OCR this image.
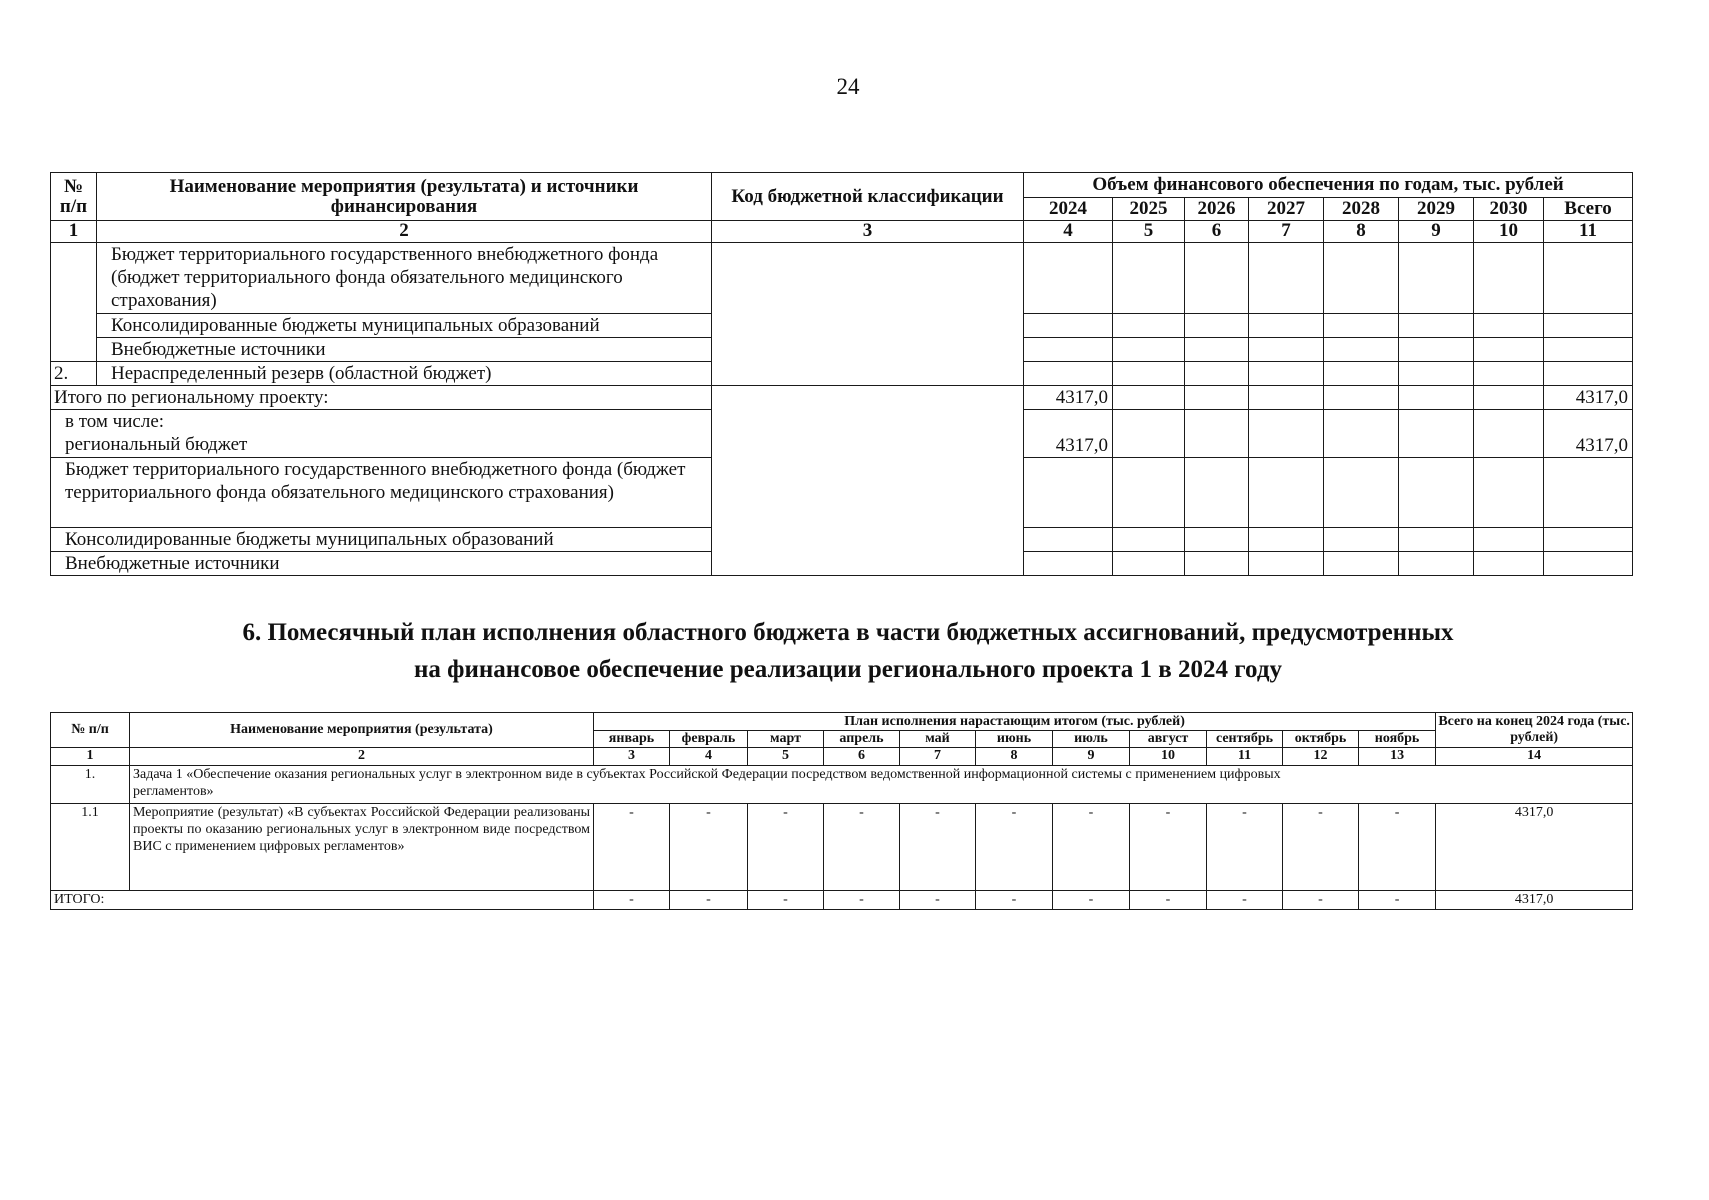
24
№ п/п	Наименование мероприятия (результата) и источники финансирования	Код бюджетной классификации	Объем финансового обеспечения по годам, тыс. рублей							
			2024	2025	2026	2027	2028	2029	2030	Всего
1	2	3	4	5	6	7	8	9	10	11
	Бюджет территориального государственного внебюджетного фонда (бюджет территориального фонда обязательного медицинского страхования)									
	Консолидированные бюджеты муниципальных образований									
	Внебюджетные источники									
2.	Нераспределенный резерв (областной бюджет)									
Итого по региональному проекту:			4317,0							4317,0
в том числе:
региональный бюджет			4317,0							4317,0
Бюджет территориального государственного внебюджетного фонда (бюджет территориального фонда обязательного медицинского страхования)										
Консолидированные бюджеты муниципальных образований										
Внебюджетные источники										
6. Помесячный план исполнения областного бюджета в части бюджетных ассигнований, предусмотренных
на финансовое обеспечение реализации регионального проекта 1 в 2024 году
№ п/п	Наименование мероприятия (результата)	План исполнения нарастающим итогом (тыс. рублей)											Всего на конец 2024 года (тыс. рублей)
		январь	февраль	март	апрель	май	июнь	июль	август	сентябрь	октябрь	ноябрь	
1	2	3	4	5	6	7	8	9	10	11	12	13	14
1.	Задача 1 «Обеспечение оказания региональных услуг в электронном виде в субъектах Российской Федерации посредством ведомственной информационной системы с применением цифровых регламентов»												
1.1	Мероприятие (результат) «В субъектах Российской Федерации реализованы проекты по оказанию региональных услуг в электронном виде посредством ВИС с применением цифровых регламентов»	-	-	-	-	-	-	-	-	-	-	-	4317,0
ИТОГО:		-	-	-	-	-	-	-	-	-	-	-	4317,0
